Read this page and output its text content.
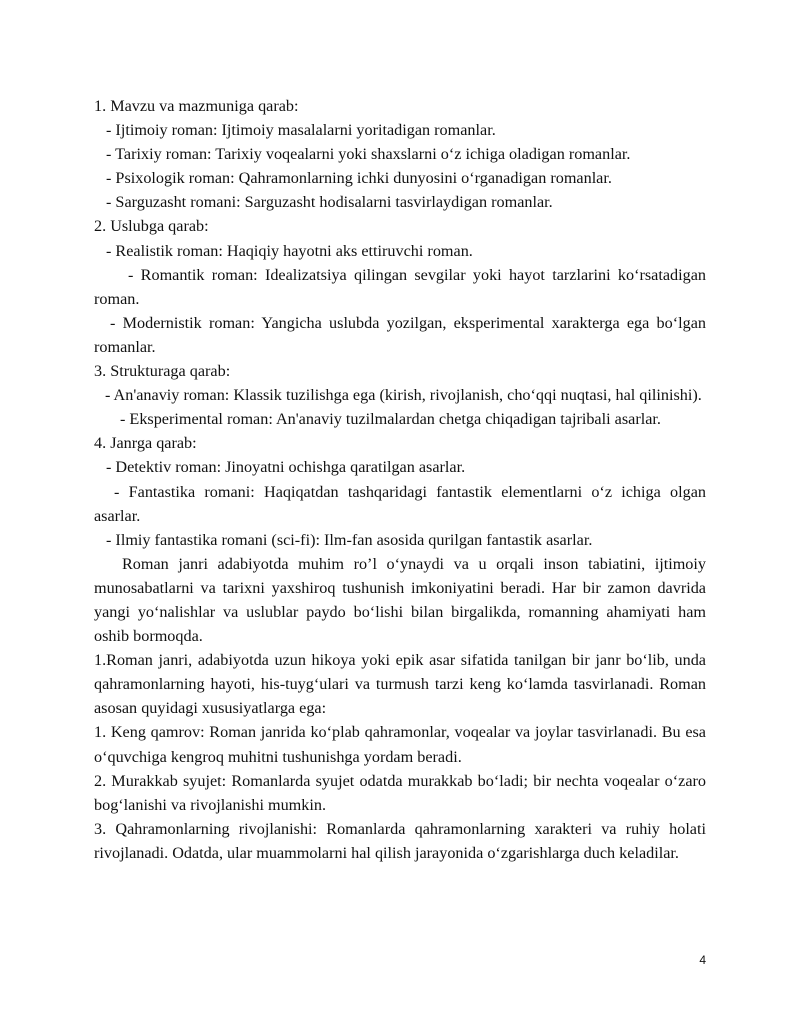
1. Mavzu va mazmuniga qarab:

- Ijtimoiy roman: Ijtimoiy masalalarni yoritadigan romanlar.

- Tarixiy roman: Tarixiy voqealarni yoki shaxslarni o‘z ichiga oladigan romanlar.

- Psixologik roman: Qahramonlarning ichki dunyosini o‘rganadigan romanlar.

- Sarguzasht romani: Sarguzasht hodisalarni tasvirlaydigan romanlar.

2. Uslubga qarab:

- Realistik roman: Haqiqiy hayotni aks ettiruvchi roman.

- Romantik roman: Idealizatsiya qilingan sevgilar yoki hayot tarzlarini ko‘rsatadigan roman.

- Modernistik roman: Yangicha uslubda yozilgan, eksperimental xarakterga ega bo‘lgan romanlar.

3. Strukturaga qarab:

- An'anaviy roman: Klassik tuzilishga ega (kirish, rivojlanish, cho‘qqi nuqtasi, hal qilinishi).

- Eksperimental roman: An'anaviy tuzilmalardan chetga chiqadigan tajribali asarlar.

4. Janrga qarab:

- Detektiv roman: Jinoyatni ochishga qaratilgan asarlar.

- Fantastika romani: Haqiqatdan tashqaridagi fantastik elementlarni o‘z ichiga olgan asarlar.

- Ilmiy fantastika romani (sci-fi): Ilm-fan asosida qurilgan fantastik asarlar.

Roman janri adabiyotda muhim ro’l o‘ynaydi va u orqali inson tabiatini, ijtimoiy munosabatlarni va tarixni yaxshiroq tushunish imkoniyatini beradi. Har bir zamon davrida yangi yo‘nalishlar va uslublar paydo bo‘lishi bilan birgalikda, romanning ahamiyati ham oshib bormoqda.

1.Roman janri, adabiyotda uzun hikoya yoki epik asar sifatida tanilgan bir janr bo‘lib, unda qahramonlarning hayoti, his-tuyg‘ulari va turmush tarzi keng ko‘lamda tasvirlanadi. Roman asosan quyidagi xususiyatlarga ega:

1. Keng qamrov: Roman janrida ko‘plab qahramonlar, voqealar va joylar tasvirlanadi. Bu esa o‘quvchiga kengroq muhitni tushunishga yordam beradi.

2. Murakkab syujet: Romanlarda syujet odatda murakkab bo‘ladi; bir nechta voqealar o‘zaro bog‘lanishi va rivojlanishi mumkin.

3. Qahramonlarning rivojlanishi: Romanlarda qahramonlarning xarakteri va ruhiy holati rivojlanadi. Odatda, ular muammolarni hal qilish jarayonida o‘zgarishlarga duch keladilar.

4
